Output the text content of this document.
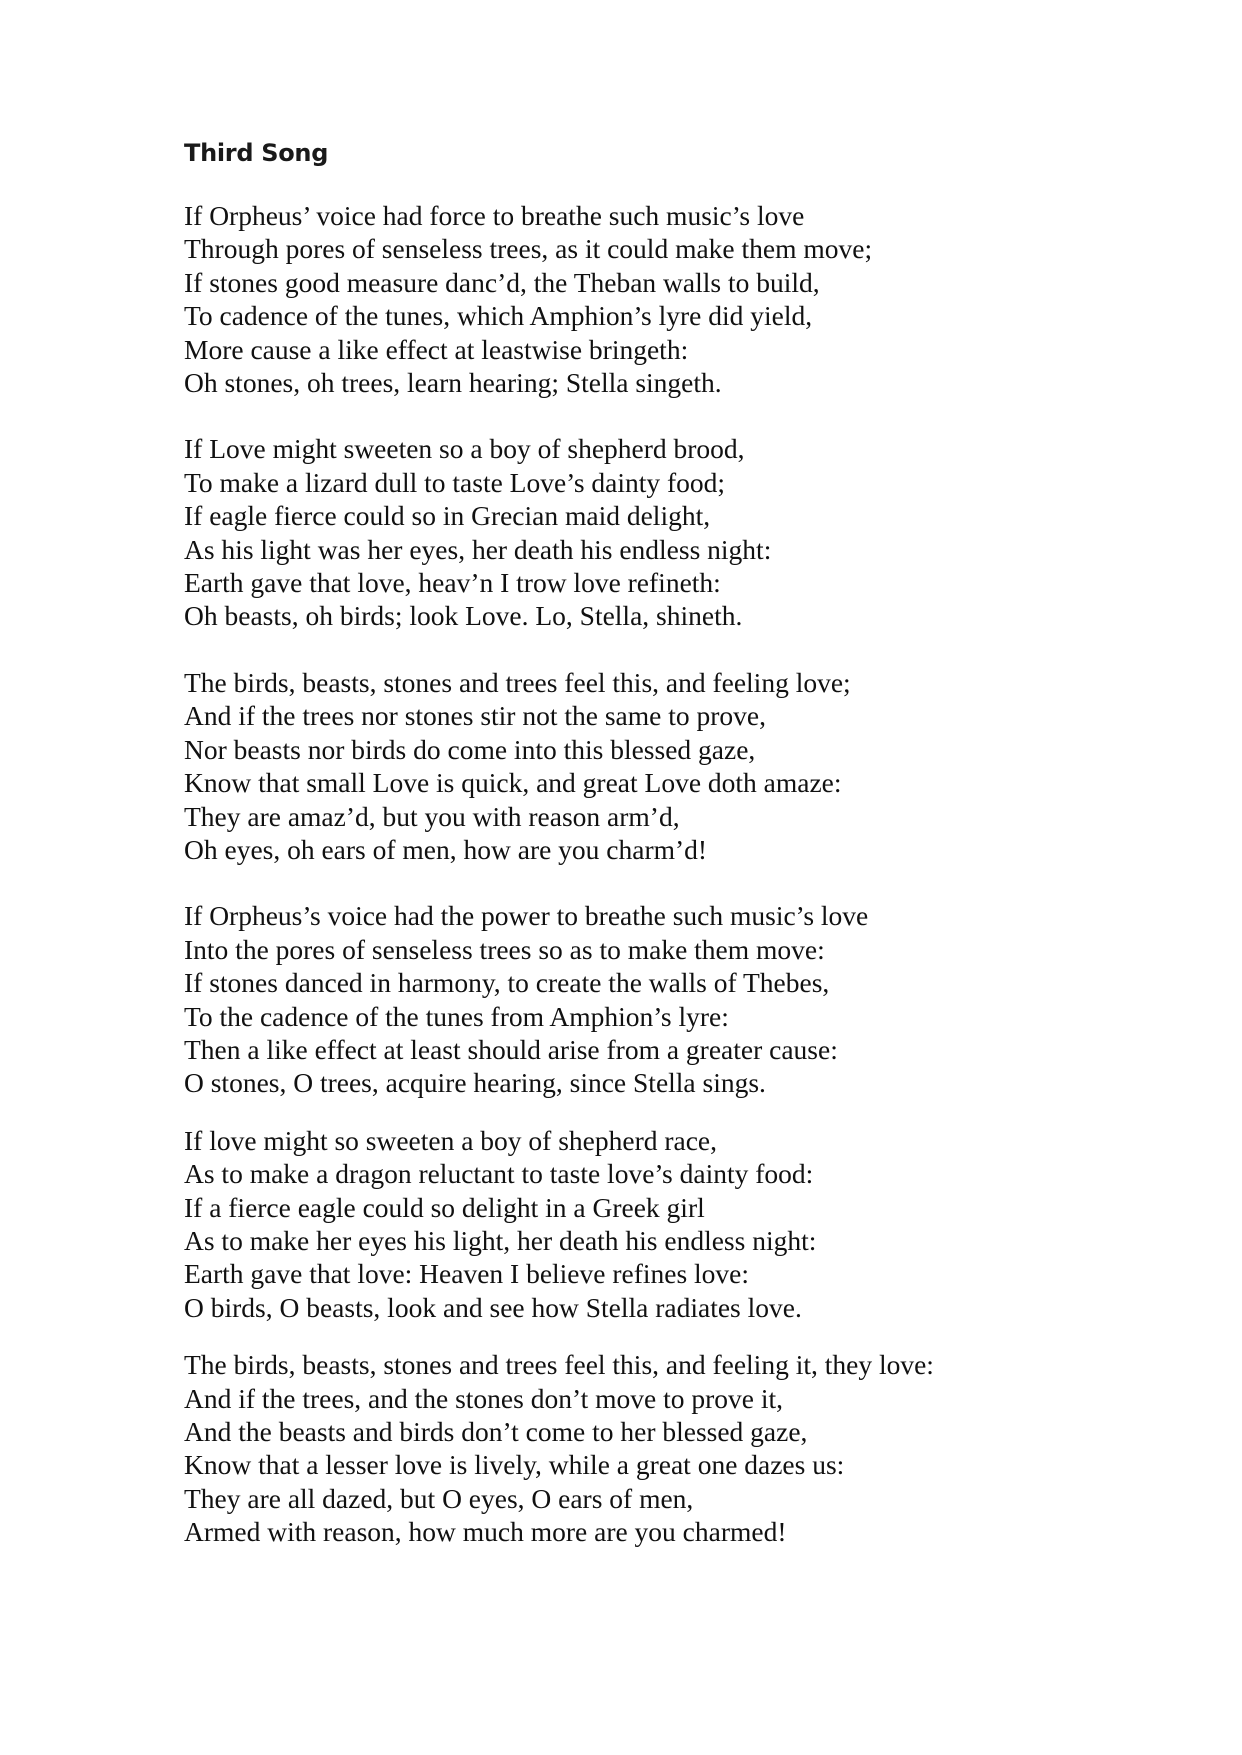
Third Song
If Orpheus’ voice had force to breathe such music’s love
Through pores of senseless trees, as it could make them move;
If stones good measure danc’d, the Theban walls to build,
To cadence of the tunes, which Amphion’s lyre did yield,
More cause a like effect at leastwise bringeth:
Oh stones, oh trees, learn hearing; Stella singeth.
If Love might sweeten so a boy of shepherd brood,
To make a lizard dull to taste Love’s dainty food;
If eagle fierce could so in Grecian maid delight,
As his light was her eyes, her death his endless night:
Earth gave that love, heav’n I trow love refineth:
Oh beasts, oh birds; look Love. Lo, Stella, shineth.
The birds, beasts, stones and trees feel this, and feeling love;
And if the trees nor stones stir not the same to prove,
Nor beasts nor birds do come into this blessed gaze,
Know that small Love is quick, and great Love doth amaze:
They are amaz’d, but you with reason arm’d,
Oh eyes, oh ears of men, how are you charm’d!
If Orpheus’s voice had the power to breathe such music’s love
Into the pores of senseless trees so as to make them move:
If stones danced in harmony, to create the walls of Thebes,
To the cadence of the tunes from Amphion’s lyre:
Then a like effect at least should arise from a greater cause:
O stones, O trees, acquire hearing, since Stella sings.
If love might so sweeten a boy of shepherd race,
As to make a dragon reluctant to taste love’s dainty food:
If a fierce eagle could so delight in a Greek girl
As to make her eyes his light, her death his endless night:
Earth gave that love: Heaven I believe refines love:
O birds, O beasts, look and see how Stella radiates love.
The birds, beasts, stones and trees feel this, and feeling it, they love:
And if the trees, and the stones don’t move to prove it,
And the beasts and birds don’t come to her blessed gaze,
Know that a lesser love is lively, while a great one dazes us:
They are all dazed, but O eyes, O ears of men,
Armed with reason, how much more are you charmed!
